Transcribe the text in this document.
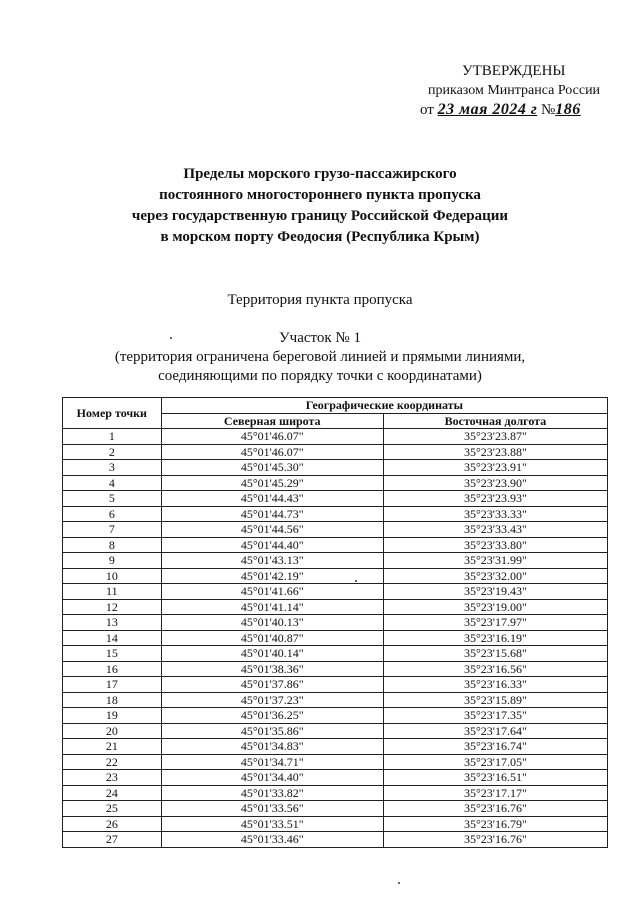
УТВЕРЖДЕНЫ
приказом Минтранса России
от 23 мая 2024 г №186
Пределы морского грузо-пассажирского
постоянного многостороннего пункта пропуска
через государственную границу Российской Федерации
в морском порту Феодосия (Республика Крым)
Территория пункта пропуска
Участок № 1
(территория ограничена береговой линией и прямыми линиями,
соединяющими по порядку точки с координатами)
Номер точки	Географические координаты	
	Северная широта	Восточная долгота
1	45°01'46.07"	35°23'23.87"
2	45°01'46.07"	35°23'23.88"
3	45°01'45.30"	35°23'23.91"
4	45°01'45.29"	35°23'23.90"
5	45°01'44.43"	35°23'23.93"
6	45°01'44.73"	35°23'33.33"
7	45°01'44.56"	35°23'33.43"
8	45°01'44.40"	35°23'33.80"
9	45°01'43.13"	35°23'31.99"
10	45°01'42.19"	35°23'32.00"
11	45°01'41.66"	35°23'19.43"
12	45°01'41.14"	35°23'19.00"
13	45°01'40.13"	35°23'17.97"
14	45°01'40.87"	35°23'16.19"
15	45°01'40.14"	35°23'15.68"
16	45°01'38.36"	35°23'16.56"
17	45°01'37.86"	35°23'16.33"
18	45°01'37.23"	35°23'15.89"
19	45°01'36.25"	35°23'17.35"
20	45°01'35.86"	35°23'17.64"
21	45°01'34.83"	35°23'16.74"
22	45°01'34.71"	35°23'17.05"
23	45°01'34.40"	35°23'16.51"
24	45°01'33.82"	35°23'17.17"
25	45°01'33.56"	35°23'16.76"
26	45°01'33.51"	35°23'16.79"
27	45°01'33.46"	35°23'16.76"
